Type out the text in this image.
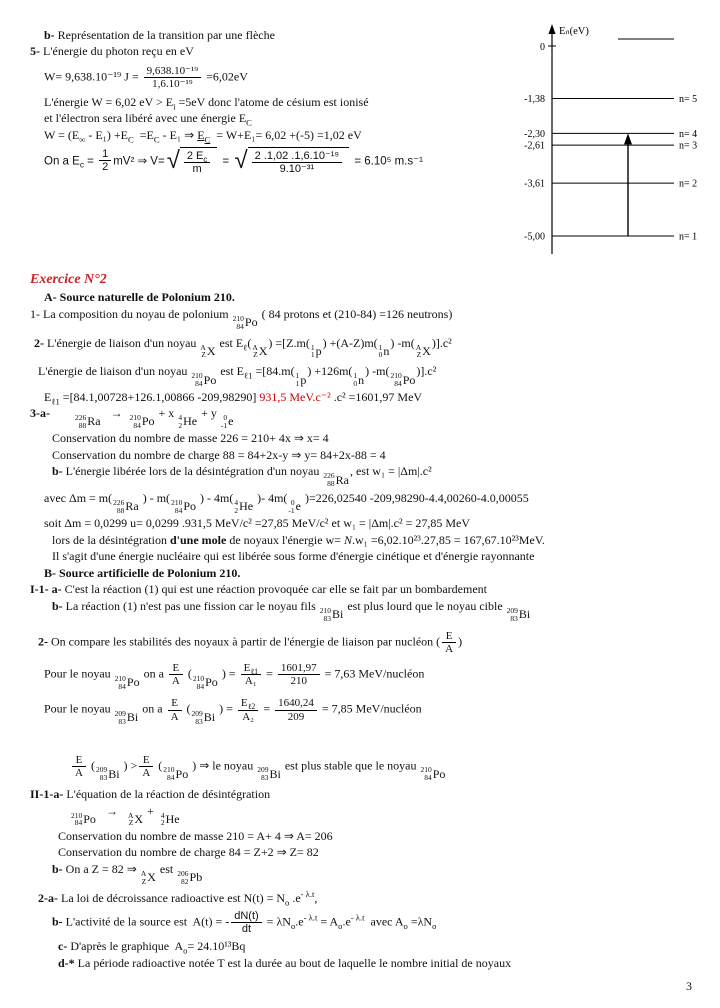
Eₙ(eV)
0
-1,38	n= 5
-2,30	n= 4
-2,61	n= 3
-3,61	n= 2
-5,00	n= 1
b- Représentation de la transition par une flèche
5- L'énergie du photon reçu en eV
W= 9,638.10⁻¹⁹ $J = \frac{\text{9,638.10⁻¹⁹}}{\text{1,6.10⁻¹⁹}} =6,02eV$
L'énergie W = 6,02 eV > $E_i =5eV$ donc l'atome de césium est ionisé
et l'électron sera libéré avec une énergie $E_C$
$W = (E_\infty - E_1) +E_C =E_C - E_1$ ⇒ $E_C = W+E_1= 6,02 +(-5) =1,02$ eV
On a $E_c = \frac{1}{2} mV^2$ ⇒ V= √ $\frac{2 E_c}{m}$ = √ $\frac{\text{2 .1,02 .1,6.10⁻¹⁹}}{\text{9.10⁻³¹}} = 6.10^5$ m.s⁻¹
Exercice N°2
A- Source naturelle de Polonium 210.
1- La composition du noyau de polonium 210
84 Po
( 84 protons et (210-84) =126 neutrons)
2- L'énergie de liaison d'un noyau A
Z X
est $E_\ell$( A
Z X
) =[Z.m( 1
1 p
) +(A-Z)m( 1
0 n
) -m( A
Z X
)].c²
L'énergie de liaison d'un noyau 210
84 Po
est $E_{\ell 1} =[84.m$( 1
1 p
) +126m( 1
0 n
) -m( 210
84 Po
)].c²
$E_{\ell 1} =[84.1,00728+126.1,00866$ -209,98290] 931,5 MeV.c⁻² .c² =1601,97 MeV
3-a-	226
88 Ra
→ 210
84 Po
+ x 4
2 He
+ y 0
-1 e
Conservation du nombre de masse 226 = 210+ 4x ⇒ x= 4
Conservation du nombre de charge 88 = 84+2x-y ⇒ y= 84+2x-88 = 4
b- L'énergie libérée lors de la désintégration d'un noyau 226
88 Ra
, est w₁ = |Δm|.c²
avec Δm = m( 226
88 Ra
) - m( 210
84 Po
) - 4m( 4
2 He
)- 4m( 0
-1 e
)=226,02540 -209,98290-4.4,00260-4.0,00055
soit Δm = 0,0299 u= 0,0299 .931,5 MeV/c² =27,85 MeV/c² et w₁ = |Δm|.c² = 27,85 MeV
lors de la désintégration d'une mole de noyaux l'énergie w= N.w₁ =6,02.10²³.27,85 = 167,67.10²³MeV.
Il s'agit d'une énergie nucléaire qui est libérée sous forme d'énergie cinétique et d'énergie rayonnante
B- Source artificielle de Polonium 210.
I-1- a- C'est la réaction (1) qui est une réaction provoquée car elle se fait par un bombardement
b- La réaction (1) n'est pas une fission car le noyau fils 210
83 Bi
est plus lourd que le noyau cible 209
83 Bi
2- On compare les stabilités des noyaux à partir de l'énergie de liaison par nucléon ( $\frac{E}{A}$ )
Pour le noyau 210
84 Po
on a $\frac{E}{A}$ ( 210
84 Po
) = $\frac{E_{\ell 1}}{\text{A₁}} = \frac{1601,97}{210} = 7,63$ MeV/nucléon
Pour le noyau 209
83 Bi
on a $\frac{E}{A}$ ( 209
83 Bi
) = $\frac{E_{\ell 2}}{\text{A₂}} = \frac{1640,24}{209} = 7,85$ MeV/nucléon
$\frac{E}{A}$ ( 209
83 Bi
) > $\frac{E}{A}$ ( 210
84 Po
) ⇒ le noyau 209
83 Bi
est plus stable que le noyau 210
84 Po
II-1-a- L'équation de la réaction de désintégration
210
84 Po
→ A
Z X
+ 4
2 He
Conservation du nombre de masse 210 = A+ 4 ⇒ A= 206
Conservation du nombre de charge 84 = Z+2 ⇒ Z= 82
b- On a Z = 82 ⇒ A
Z X
est 206
82 Pb
2-a- La loi de décroissance radioactive est $N(t) = N_o$ $.e^{- \lambda.t}$,
b- L'activité de la source est  A(t) = - $\frac{dN(t)}{dt} = \lambda N_o.e^{- \lambda.t} = A_o.e^{- \lambda.t}$  avec $A_o =\lambda N_o$
c- D'après le graphique  $A_o= 24.10^{13}Bq$
d-* La période radioactive notée T est la durée au bout de laquelle le nombre initial de noyaux
3
